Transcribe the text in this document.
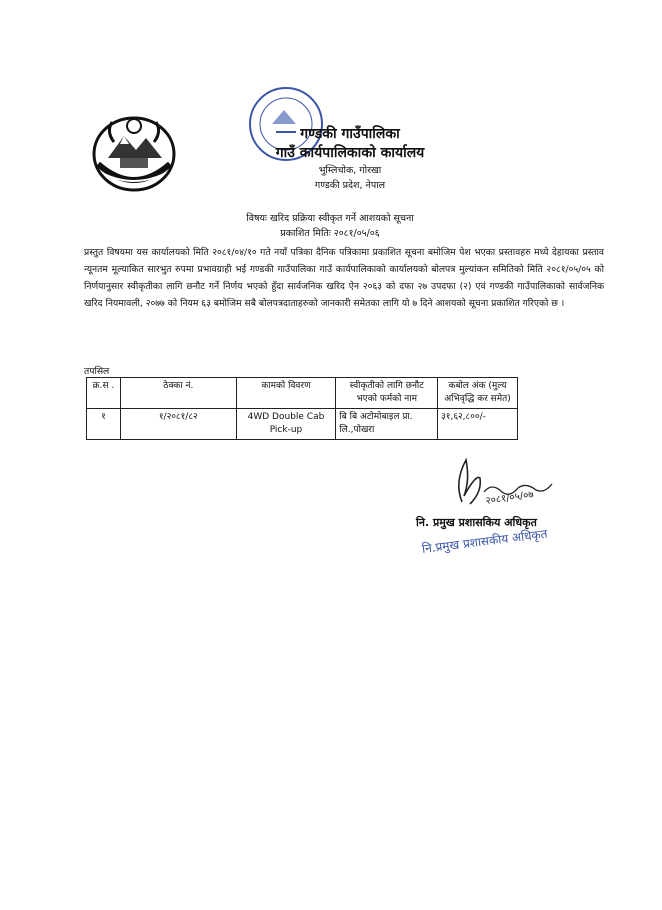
गण्डकी गाउँपालिका
गाउँ कार्यपालिकाको कार्यालय
भुम्लिचोक, गोरखा
गण्डकी प्रदेश, नेपाल
विषयः खरिद प्रक्रिया स्वीकृत गर्ने आशयको सूचना
प्रकाशित मितिः २०८१/०५/०६
प्रस्तुत विषयमा यस कार्यालयको मिति २०८१/०४/१० गते नयाँ पत्रिका दैनिक पत्रिकामा प्रकाशित सूचना बमोजिम पेश भएका प्रस्तावहरु मध्ये देहायका प्रस्ताव न्यूनतम मूल्याकित सारभुत रुपमा प्रभावग्राही भई गण्डकी गाउँपालिका गाउँ कार्यपालिकाको कार्यालयको बोलपत्र मुल्यांकन समितिको मिति २०८१/०५/०५ को निर्णयानुसार स्वीकृतीका लागि छनौट गर्ने निर्णय भएको हुँदा सार्वजनिक खरिद ऐन २०६३ को दफा २७ उपदफा (२) एवं गण्डकी गाउँपालिकाको सार्वजनिक खरिद नियमावली, २०७७ को नियम ६३ बमोजिम सबै बोलपत्रदाताहरुको जानकारी समेतका लागि यो ७ दिने आशयको सूचना प्रकाशित गरिएको छ ।
तपसिल
क्र.स .	ठेक्का नं.	कामको विवरण	स्वीकृतीको लागि छनौट भएको फर्मको नाम	कबोल अंक (मुल्य अभिवृद्धि कर समेत)
१	१/२०८१/८२	4WD Double Cab Pick-up	बि बि अटोमोबाइल प्रा. लि.,पोखरा	३१,६२,८००/-
२०८१/०५/०७
नि. प्रमुख प्रशासकिय अधिकृत
नि.प्रमुख प्रशासकीय अधिकृत
